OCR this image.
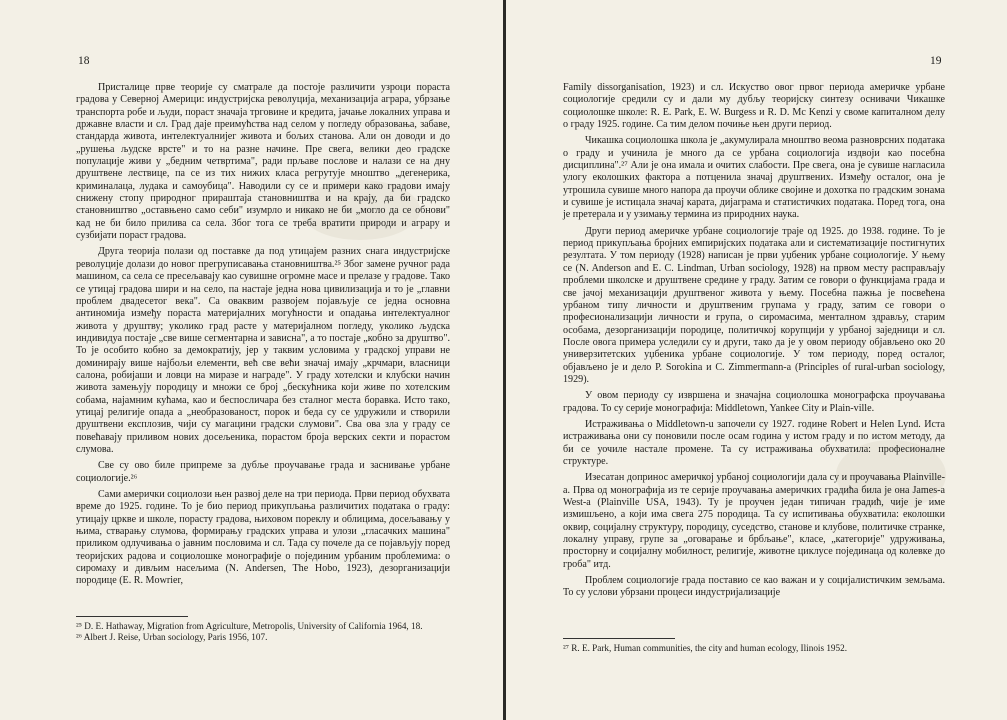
18

Присталице прве теорије су сматрале да постоје различити узроци пораста градова у Северној Америци: индустријска револуција, механизација аграра, убрзање транспорта робе и људи, пораст значаја трговине и кредита, јачање локалних управа и државне власти и сл. Град даје преимућства над селом у погледу образовања, забаве, стандарда живота, интелектуалнијег живота и бољих станова. Али он доводи и до „рушења људске врсте" и то на разне начине. Пре свега, велики део градске популације живи у „бедним четвртима", ради прљаве послове и налази се на дну друштвене лествице, па се из тих нижих класа регрутује мноштво „дегенерика, криминалаца, лудака и самоубица". Наводили су се и примери како градови имају снижену стопу природног прираштаја становништва и на крају, да би градско становништво „оставњено само себи" изумрло и никако не би „могло да се обнови" кад не би било прилива са села. Због тога се треба вратити природи и аграру и сузбијати пораст градова.

Друга теорија полази од поставке да под утицајем разних снага индустријске револуције долази до новог прегруписавања становништва.²⁵ Због замене ручног рада машином, са села се пресељавају као сувишне огромне масе и прелазе у градове. Тако се утицај градова шири и на село, па настаје једна нова цивилизација и то је „главни проблем двадесетог века". Са оваквим развојем појављује се једна основна антиномија између пораста материјалних могућности и опадања интелектуалног живота у друштву; уколико град расте у материјалном погледу, уколико људска индивидуа постаје „све више сегментарна и зависна", а то постаје „кобно за друштво". То је особито кобно за демократију, јер у таквим условима у градској управи не доминирају више најбољи елементи, већ све већи значај имају „крчмари, власници салона, робијаши и ловци на мирaзе и награде". У граду хотелски и клубски начин живота замењују породицу и множи се број „бескућника који живе по хотелским собама, најамним кућама, као и беспосличара без сталног места боравка. Исто тако, утицај религије опада а „необразованост, порок и беда су се удружили и створили друштвени експлозив, чији су магацини градски слумови". Сва ова зла у граду се повећавају приливом нових досељеника, порастом броја верских секти и порастом слумова.

Све су ово биле припреме за дубље проучавање града и заснивање урбане социологије.²⁶

Сами амерички социолози њен развој деле на три периода. Први период обухвата време до 1925. године. То је био период прикупљања различитих података о граду: утицају цркве и школе, порасту градова, њиховом пореклу и облицима, досељавању у њима, стварању слумова, формирању градских управа и улози „гласачких машина" приликом одлучивања о јавним пословима и сл. Тада су почеле да се појављују поред теоријских радова и социолошке монографије о појединим урбаним проблемима: о сиромаху и дивљим насељима (N. Andersen, The Hobo, 1923), дезорганизацији породице (E. R. Mowrier,

²⁵ D. E. Hathaway, Migration from Agriculture, Metropolis, University of California 1964, 18.
²⁶ Albert J. Reise, Urban sociology, Paris 1956, 107.
19

Family dissorganisation, 1923) и сл. Искуство овог првог периода америчке урбане социологије средили су и дали му дубљу теоријску синтезу оснивачи Чикашке социолошке школе: R. E. Park, E. W. Burgess и R. D. Mc Kenzi у своме капиталном делу о граду 1925. године. Са тим делом почиње њен други период.

Чикашка социолошка школа је „акумулирала мноштво веома разноврсних података о граду и учинила је много да се урбана социологија издвоји као посебна дисциплина".²⁷ Али је она имала и очитих слабости. Пре свега, она је сувише нагласила улогу еколошких фактора а потценила значај друштвених. Између осталог, она је утрошила сувише много напора да проучи облике својине и дохотка по градским зонама и сувише је истицала значај карата, дијаграма и статистичких података. Поред тога, она је претерала и у узимању термина из природних наука.

Други период америчке урбане социологије траје од 1925. до 1938. године. То је период прикупљања бројних емпиријских података али и систематизације постигнутих резултата. У том периоду (1928) написан је први уџбеник урбане социологије. У њему се (N. Anderson and E. C. Lindman, Urban sociology, 1928) на првом месту расправљају проблеми школске и друштвене средине у граду. Затим се говори о функцијама града и све јачој механизацији друштвеног живота у њему. Посебна пажња је посвећена урбаном типу личности и друштвеним групама у граду, затим се говори о професионализацији личности и група, о сиромасима, менталном здрављу, старим особама, дезорганизацији породице, политичкој корупцији у урбаној заједници и сл. После овога примера уследили су и други, тако да је у овом периоду објављено око 20 универзитетских уџбеника урбане социологије. У том периоду, поред осталог, објављено је и дело P. Sorokina и C. Zimmermann-a (Principles of rural-urban sociology, 1929).

У овом периоду су извршена и значајна социолошка монографска проучавања градова. То су серије монографија: Middletown, Yankee City и Plain-ville.

Истраживања o Middletown-u започели су 1927. године Robert и Helen Lynd. Иста истраживања они су поновили после осам година у истом граду и по истом методу, да би се уочиле настале промене. Та су истраживања обухватила: професионалне структуре.

Изесатан допринос америчкој урбаној социологији дала су и проучавања Plainville-a. Прва од монографија из те серије проучавања америчких градића била је она James-a West-a (Plainville USA, 1943). Ту је проучен један типичан градић, чије је име измишљено, а који има свега 275 породица. Та су испитивања обухватила: еколошки оквир, социјалну структуру, породицу, суседство, станове и клубове, политичке странке, локалну управу, групе за „оговарање и брбљање", класе, „категорије" удруживања, просторну и социјалну мобилност, религије, животне циклусе појединаца од колевке до гроба" итд.

Проблем социологије града поставио се као важан и у социјалистичким земљама. То су услови убрзани процеси индустријализације

²⁷ R. E. Park, Human communities, the city and human ecology, Ilinois 1952.
